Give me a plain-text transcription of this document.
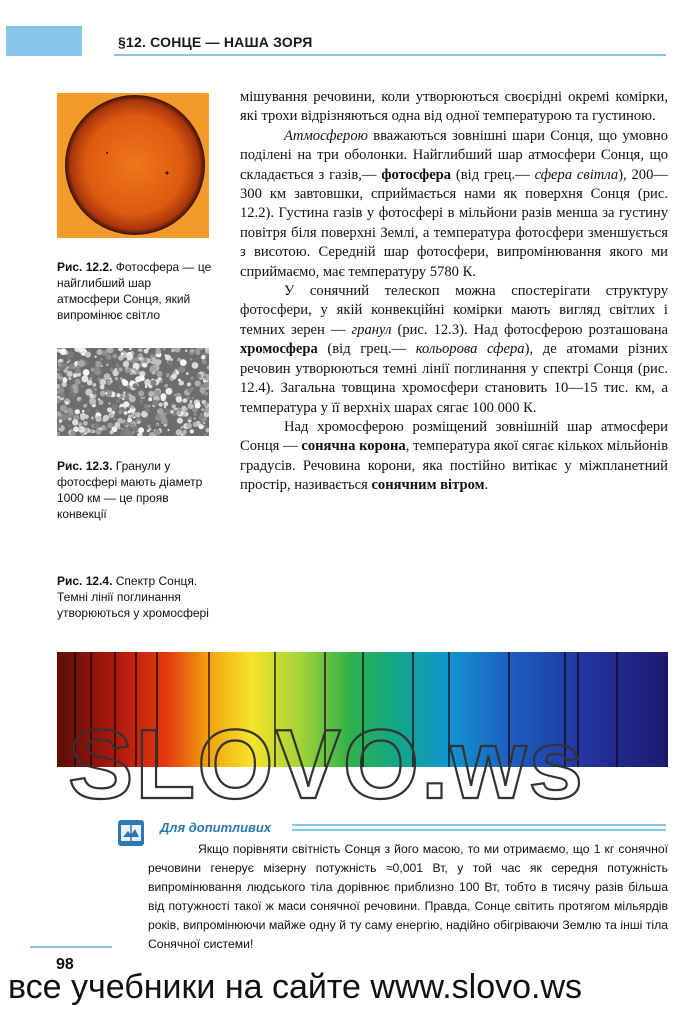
§12. СОНЦЕ — НАША ЗОРЯ
Рис. 12.2. Фотосфера — це найглибший шар атмосфери Сонця, який випромінює світло
Рис. 12.3. Гранули у фотосфері мають діаметр 1000 км — це прояв конвекції
Рис. 12.4. Спектр Сонця. Темні лінії поглинання утворюються у хромосфері

мішування речовини, коли утворюються своєрідні окремі комірки, які трохи відрізняються одна від одної температурою та густиною.

Атмосферою вважаються зовнішні шари Сонця, що умовно поділені на три оболонки. Найглибший шар атмосфери Сонця, що складається з газів,— фотосфера (від грец.— сфера світла), 200—300 км завтовшки, сприймається нами як поверхня Сонця (рис. 12.2). Густина газів у фотосфері в мільйони разів менша за густину повітря біля поверхні Землі, а температура фотосфери зменшується з висотою. Середній шар фотосфери, випромінювання якого ми сприймаємо, має температуру 5780 К.

У сонячний телескоп можна спостерігати структуру фотосфери, у якій конвекційні комірки мають вигляд світлих і темних зерен — гранул (рис. 12.3). Над фотосферою розташована хромосфера (від грец.— кольорова сфера), де атомами різних речовин утворюються темні лінії поглинання у спектрі Сонця (рис. 12.4). Загальна товщина хромосфери становить 10—15 тис. км, а температура у її верхніх шарах сягає 100 000 К.

Над хромосферою розміщений зовнішній шар атмосфери Сонця — сонячна корона, температура якої сягає кількох мільйонів градусів. Речовина корони, яка постійно витікає у міжпланетний простір, називається сонячним вітром.

SLOVO.ws
Для допитливих

Якщо порівняти світність Сонця з його масою, то ми отримаємо, що 1 кг сонячної речовини генерує мізерну потужність ≈0,001 Вт, у той час як середня потужність випромінювання людського тіла дорівнює приблизно 100 Вт, тобто в тисячу разів більша від потужності такої ж маси сонячної речовини. Правда, Сонце світить протягом мільярдів років, випромінюючи майже одну й ту саму енергію, надійно обігріваючи Землю та інші тіла Сонячної системи!

98
все учебники на сайте www.slovo.ws
